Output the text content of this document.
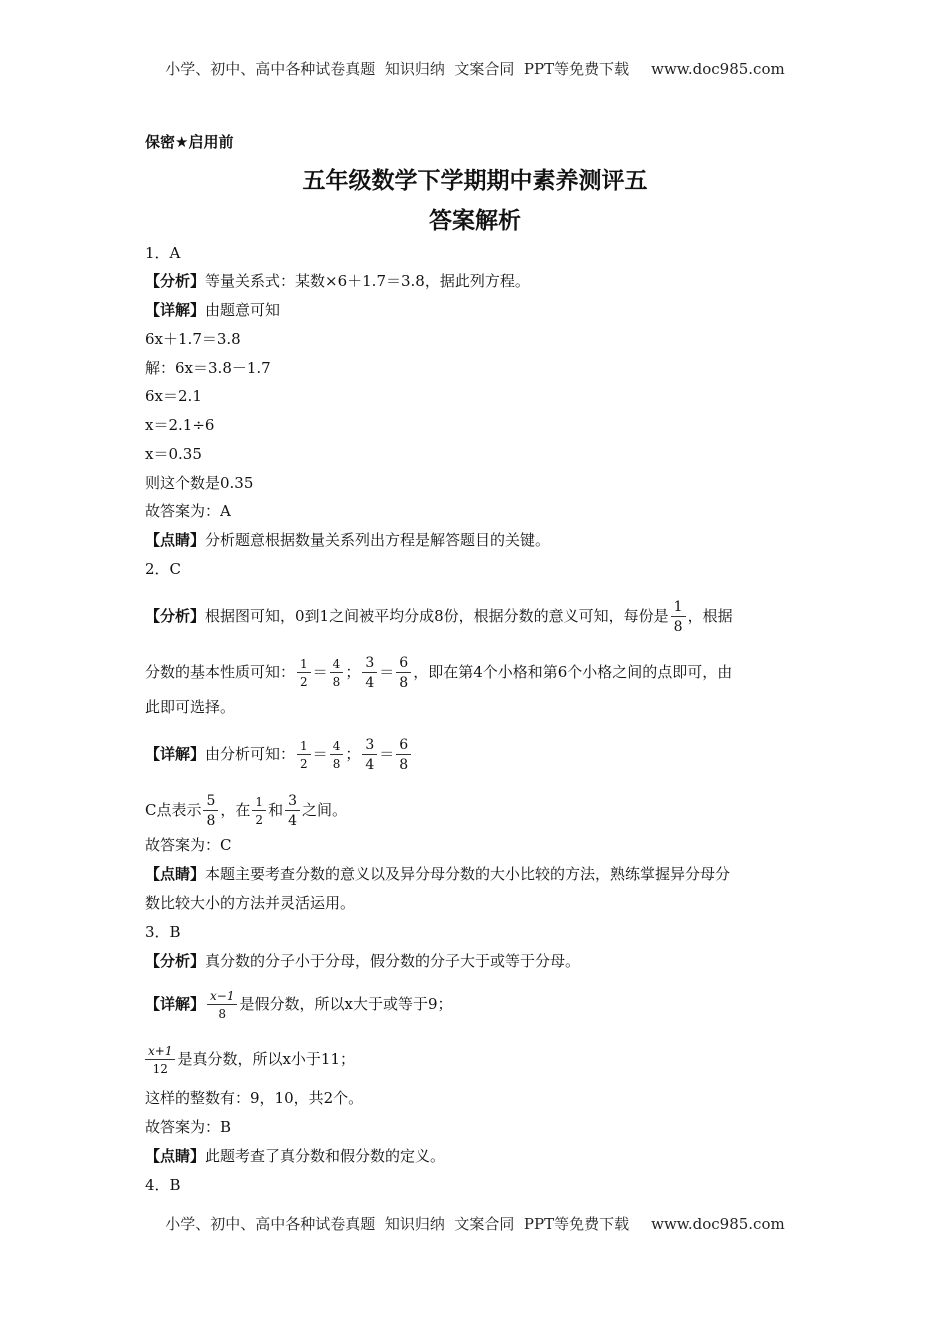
小学、初中、高中各种试卷真题  知识归纳  文案合同  PPT等免费下载 www.doc985.com
保密★启用前
五年级数学下学期期中素养测评五
答案解析
1．A
【分析】等量关系式：某数×6＋1.7＝3.8，据此列方程。
【详解】由题意可知
6x＋1.7＝3.8
解：6x＝3.8－1.7
6x＝2.1
x＝2.1÷6
x＝0.35
则这个数是0.35
故答案为：A
【点睛】分析题意根据数量关系列出方程是解答题目的关键。
2．C
【分析】根据图可知，0到1之间被平均分成8份，根据分数的意义可知，每份是 $\frac{1}{8}$ ，根据
分数的基本性质可知： $\frac{1}{2} = \frac{4}{8}$ ； $\frac{3}{4} = \frac{6}{8}$ ，即在第4个小格和第6个小格之间的点即可，由
此即可选择。
【详解】由分析可知： $\frac{1}{2} = \frac{4}{8}$ ； $\frac{3}{4} = \frac{6}{8}$
C点表示 $\frac{5}{8}$ ，在 $\frac{1}{2}$ 和 $\frac{3}{4}$ 之间。
故答案为：C
【点睛】本题主要考查分数的意义以及异分母分数的大小比较的方法，熟练掌握异分母分
数比较大小的方法并灵活运用。
3．B
【分析】真分数的分子小于分母，假分数的分子大于或等于分母。
【详解】 $\frac{x-1}{8}$ 是假分数，所以x大于或等于9；
$\frac{x+1}{12}$ 是真分数，所以x小于11；
这样的整数有：9，10，共2个。
故答案为：B
【点睛】此题考查了真分数和假分数的定义。
4．B
小学、初中、高中各种试卷真题  知识归纳  文案合同  PPT等免费下载 www.doc985.com
